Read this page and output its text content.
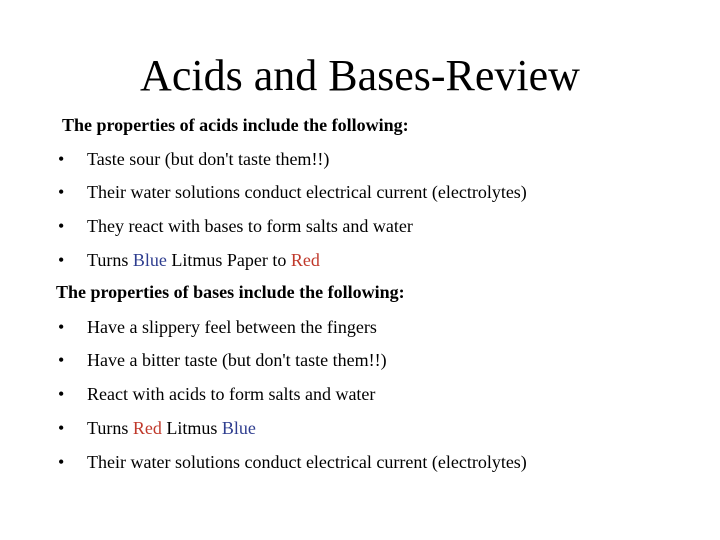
Acids and Bases-Review
The properties of acids include the following:
• Taste sour (but don't taste them!!)
• Their water solutions conduct electrical current (electrolytes)
• They react with bases to form salts and water
• Turns Blue Litmus Paper to Red
The properties of bases include the following:
• Have a slippery feel between the fingers
• Have a bitter taste (but don't taste them!!)
• React with acids to form salts and water
• Turns Red Litmus Blue
• Their water solutions conduct electrical current (electrolytes)
